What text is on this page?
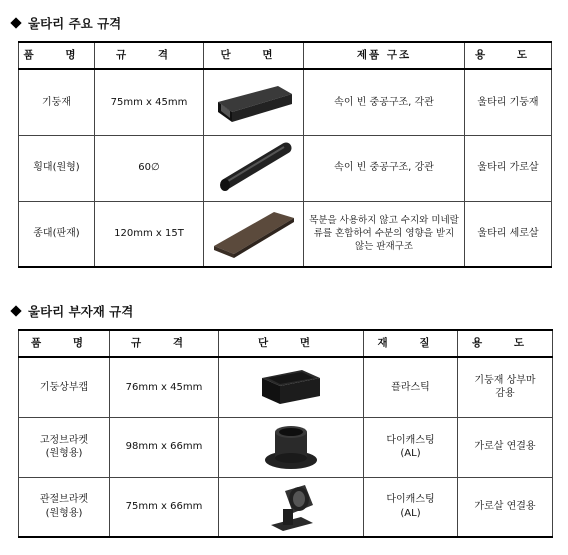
울타리 주요 규격
품 명	규 격	단 면	제품 구조	용 도
기둥재	75mm x 45mm		속이 빈 중공구조, 각관	울타리 기둥재
횡대(원형)	60∅		속이 빈 중공구조, 강관	울타리 가로살
종대(판재)	120mm x 15T		목분을 사용하지 않고 수지와 미네랄류를 혼합하여 수분의 영향을 받지 않는 판재구조	울타리 세로살
울타리 부자재 규격
품 명	규 격	단 면	재 질	용 도
기둥상부캡	76mm x 45mm		플라스틱	기둥재 상부마감용
고정브라켓 (원형용)	98mm x 66mm		다이캐스팅 (AL)	가로살 연결용
관절브라켓 (원형용)	75mm x 66mm		다이캐스팅 (AL)	가로살 연결용
